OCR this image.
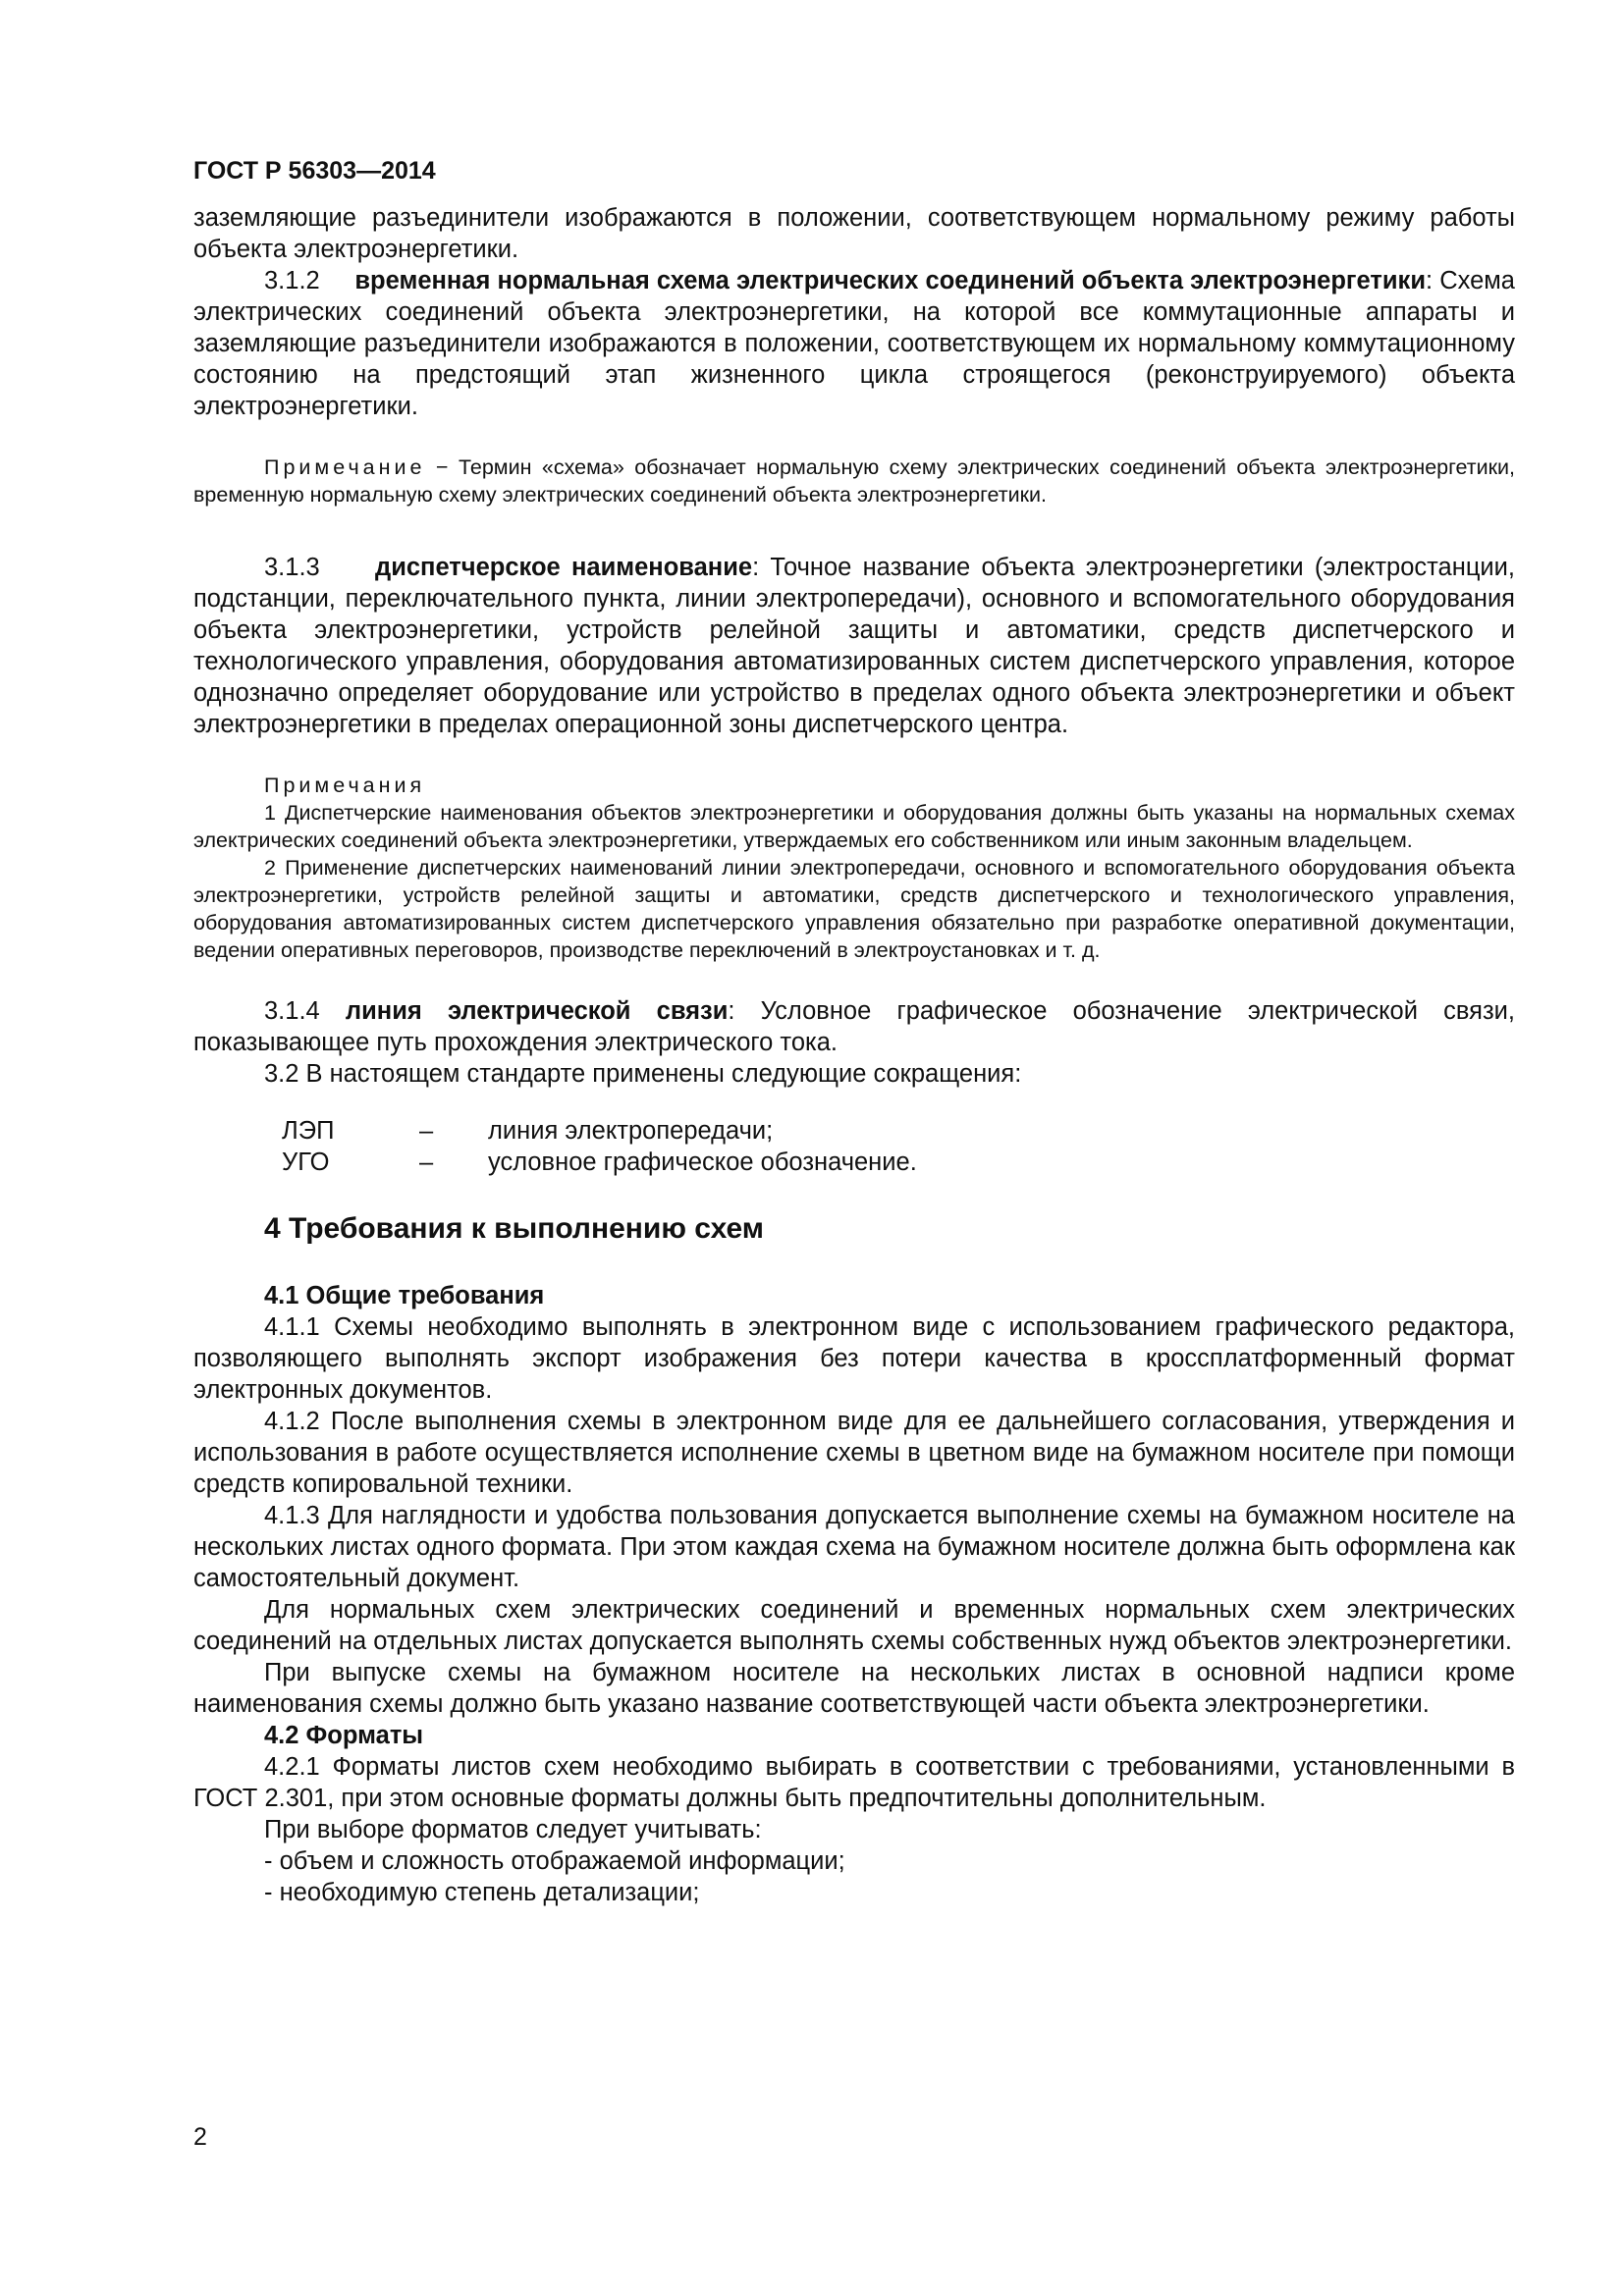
ГОСТ Р 56303—2014

заземляющие разъединители изображаются в положении, соответствующем нормальному режиму работы объекта электроэнергетики.

3.1.2 временная нормальная схема электрических соединений объекта электроэнергетики: Схема электрических соединений объекта электроэнергетики, на которой все коммутационные аппараты и заземляющие разъединители изображаются в положении, соответствующем их нормальному коммутационному состоянию на предстоящий этап жизненного цикла строящегося (реконструируемого) объекта электроэнергетики.

Примечание − Термин «схема» обозначает нормальную схему электрических соединений объекта электроэнергетики, временную нормальную схему электрических соединений объекта электроэнергетики.

3.1.3 диспетчерское наименование: Точное название объекта электроэнергетики (электростанции, подстанции, переключательного пункта, линии электропередачи), основного и вспомогательного оборудования объекта электроэнергетики, устройств релейной защиты и автоматики, средств диспетчерского и технологического управления, оборудования автоматизированных систем диспетчерского управления, которое однозначно определяет оборудование или устройство в пределах одного объекта электроэнергетики и объект электроэнергетики в пределах операционной зоны диспетчерского центра.

Примечания

1 Диспетчерские наименования объектов электроэнергетики и оборудования должны быть указаны на нормальных схемах электрических соединений объекта электроэнергетики, утверждаемых его собственником или иным законным владельцем.

2 Применение диспетчерских наименований линии электропередачи, основного и вспомогательного оборудования объекта электроэнергетики, устройств релейной защиты и автоматики, средств диспетчерского и технологического управления, оборудования автоматизированных систем диспетчерского управления обязательно при разработке оперативной документации, ведении оперативных переговоров, производстве переключений в электроустановках и т. д.

3.1.4 линия электрической связи: Условное графическое обозначение электрической связи, показывающее путь прохождения электрического тока.

3.2 В настоящем стандарте применены следующие сокращения:

ЛЭП	–	линия электропередачи;
УГО	–	условное графическое обозначение.

4 Требования к выполнению схем

4.1 Общие требования

4.1.1 Схемы необходимо выполнять в электронном виде с использованием графического редактора, позволяющего выполнять экспорт изображения без потери качества в кроссплатформенный формат электронных документов.

4.1.2 После выполнения схемы в электронном виде для ее дальнейшего согласования, утверждения и использования в работе осуществляется исполнение схемы в цветном виде на бумажном носителе при помощи средств копировальной техники.

4.1.3 Для наглядности и удобства пользования допускается выполнение схемы на бумажном носителе на нескольких листах одного формата. При этом каждая схема на бумажном носителе должна быть оформлена как самостоятельный документ.

Для нормальных схем электрических соединений и временных нормальных схем электрических соединений на отдельных листах допускается выполнять схемы собственных нужд объектов электроэнергетики.

При выпуске схемы на бумажном носителе на нескольких листах в основной надписи кроме наименования схемы должно быть указано название соответствующей части объекта электроэнергетики.

4.2 Форматы

4.2.1 Форматы листов схем необходимо выбирать в соответствии с требованиями, установленными в ГОСТ 2.301, при этом основные форматы должны быть предпочтительны дополнительным.

При выборе форматов следует учитывать:

- объем и сложность отображаемой информации;

- необходимую степень детализации;

2
